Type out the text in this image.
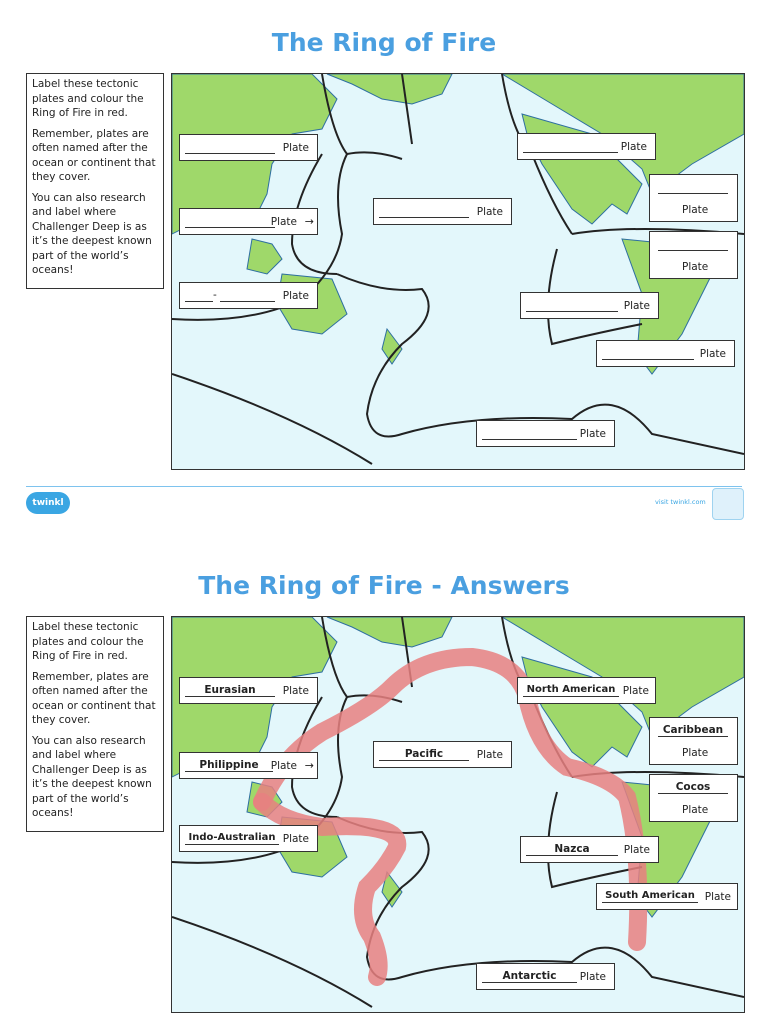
The Ring of Fire

Label these tectonic plates and colour the Ring of Fire in red.

Remember, plates are often named after the ocean or continent that they cover.

You can also research and label where Challenger Deep is as it’s the deepest known part of the world’s oceans!

Plate
Plate →
-	Plate
Plate
Plate
Plate
Plate
Plate
Plate
Plate
twinkl	visit twinkl.com
The Ring of Fire - Answers

Label these tectonic plates and colour the Ring of Fire in red.

Remember, plates are often named after the ocean or continent that they cover.

You can also research and label where Challenger Deep is as it’s the deepest known part of the world’s oceans!

Eurasian	Plate
Philippine	Plate →
Indo-Australian Plate
Pacific	Plate
North American Plate
Caribbean
Plate
Cocos
Plate
Nazca	Plate
South American Plate
Antarctic	Plate
